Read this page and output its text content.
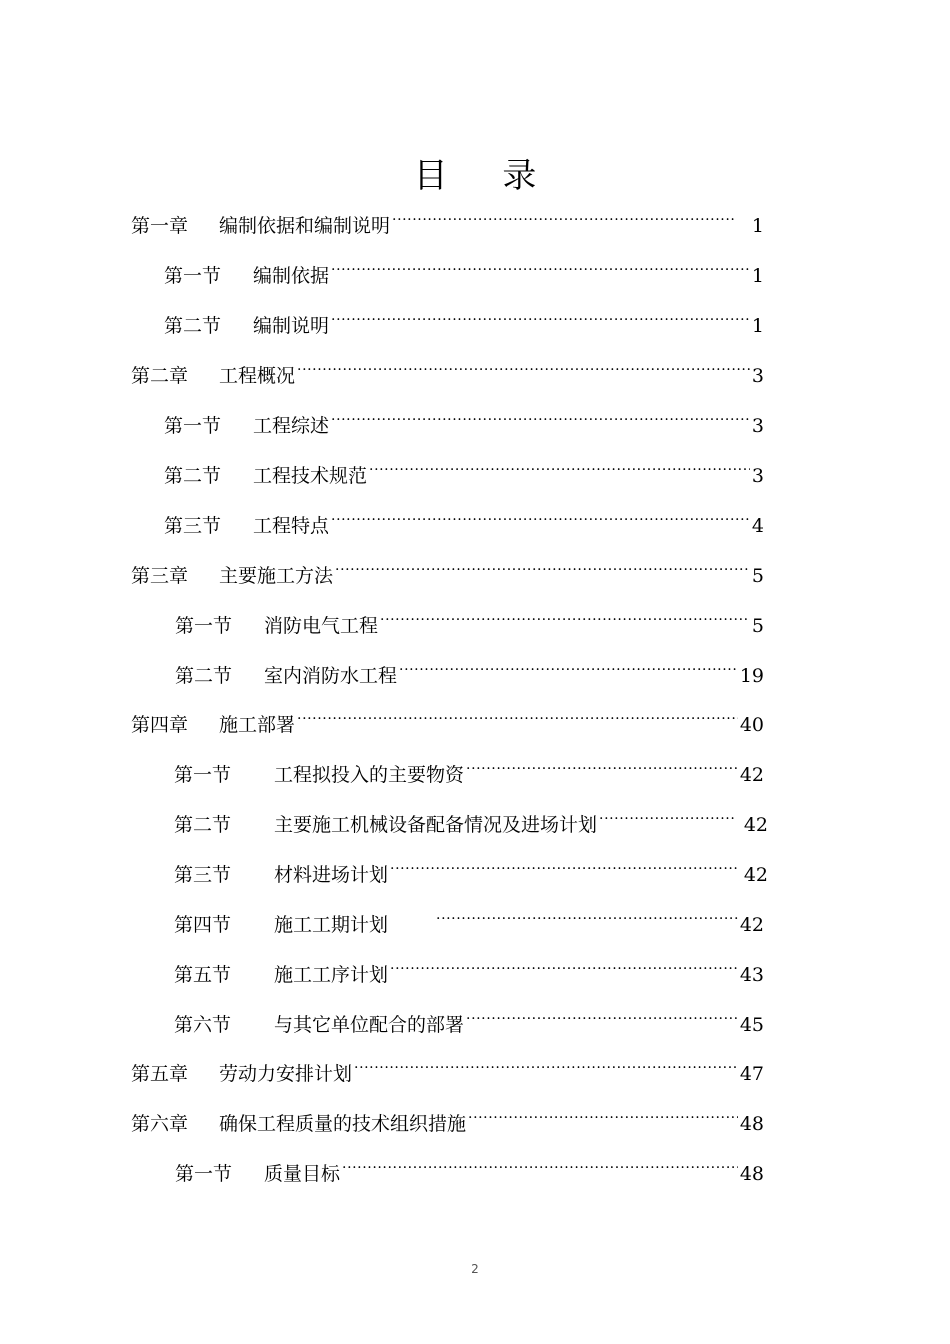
目 录
第一章	编制依据和编制说明 .....	1
第一节	编制依据 .....	1
第二节	编制说明 .....	1
第二章	工程概况 .....	3
第一节	工程综述 .....	3
第二节	工程技术规范 .....	3
第三节	工程特点 .....	4
第三章	主要施工方法 .....	5
第一节	消防电气工程 .....	5
第二节	室内消防水工程 .....	19
第四章	施工部署 .....	40
第一节	工程拟投入的主要物资 .....	42
第二节	主要施工机械设备配备情况及进场计划 .....	42
第三节	材料进场计划 .....	42
第四节	施工工期计划 .....	42
第五节	施工工序计划 .....	43
第六节	与其它单位配合的部署 .....	45
第五章	劳动力安排计划 .....	47
第六章	确保工程质量的技术组织措施 .....	48
第一节	质量目标 .....	48
2
